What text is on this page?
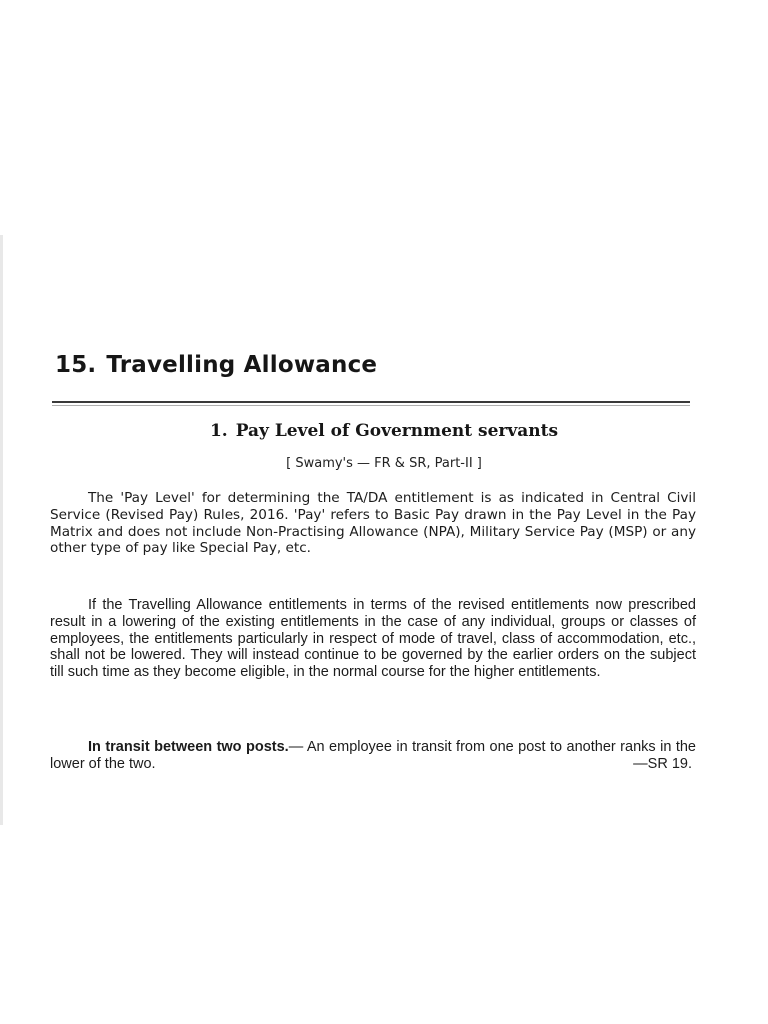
15. Travelling Allowance
1. Pay Level of Government servants
[ Swamy's — FR & SR, Part-II ]

The 'Pay Level' for determining the TA/DA entitlement is as indicated in Central Civil Service (Revised Pay) Rules, 2016. 'Pay' refers to Basic Pay drawn in the Pay Level in the Pay Matrix and does not include Non-Practising Allowance (NPA), Military Service Pay (MSP) or any other type of pay like Special Pay, etc.

If the Travelling Allowance entitlements in terms of the revised entitlements now prescribed result in a lowering of the existing entitlements in the case of any individual, groups or classes of employees, the entitlements particularly in respect of mode of travel, class of accommodation, etc., shall not be lowered. They will instead continue to be governed by the earlier orders on the subject till such time as they become eligible, in the normal course for the higher entitlements.

In transit between two posts.— An employee in transit from one post to another ranks in the lower of the two.	—SR 19.
